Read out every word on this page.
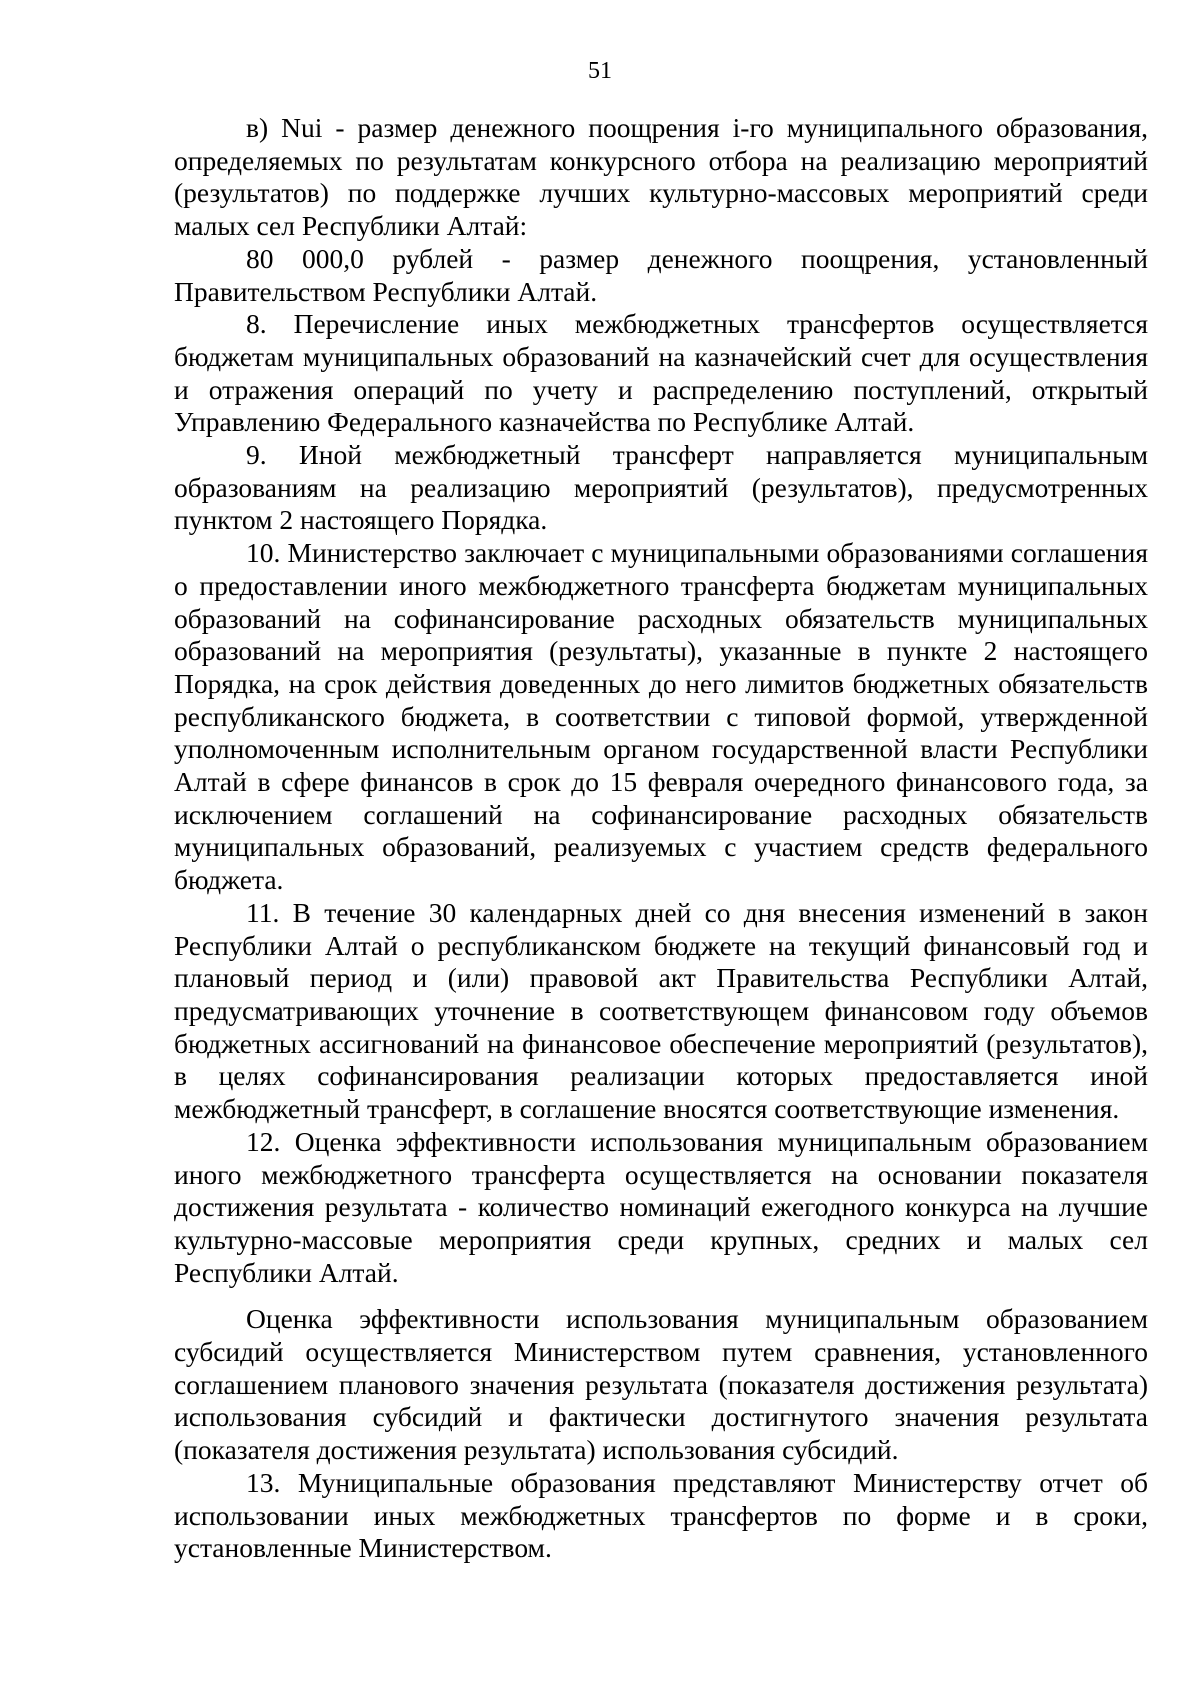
51

в) Nui - размер денежного поощрения i-го муниципального образования, определяемых по результатам конкурсного отбора на реализацию мероприятий (результатов) по поддержке лучших культурно-массовых мероприятий среди малых сел Республики Алтай:

80 000,0 рублей - размер денежного поощрения, установленный Правительством Республики Алтай.

8. Перечисление иных межбюджетных трансфертов осуществляется бюджетам муниципальных образований на казначейский счет для осуществления и отражения операций по учету и распределению поступлений, открытый Управлению Федерального казначейства по Республике Алтай.

9. Иной межбюджетный трансферт направляется муниципальным образованиям на реализацию мероприятий (результатов), предусмотренных пунктом 2 настоящего Порядка.

10. Министерство заключает с муниципальными образованиями соглашения о предоставлении иного межбюджетного трансферта бюджетам муниципальных образований на софинансирование расходных обязательств муниципальных образований на мероприятия (результаты), указанные в пункте 2 настоящего Порядка, на срок действия доведенных до него лимитов бюджетных обязательств республиканского бюджета, в соответствии с типовой формой, утвержденной уполномоченным исполнительным органом государственной власти Республики Алтай в сфере финансов в срок до 15 февраля очередного финансового года, за исключением соглашений на софинансирование расходных обязательств муниципальных образований, реализуемых с участием средств федерального бюджета.

11. В течение 30 календарных дней со дня внесения изменений в закон Республики Алтай о республиканском бюджете на текущий финансовый год и плановый период и (или) правовой акт Правительства Республики Алтай, предусматривающих уточнение в соответствующем финансовом году объемов бюджетных ассигнований на финансовое обеспечение мероприятий (результатов), в целях софинансирования реализации которых предоставляется иной межбюджетный трансферт, в соглашение вносятся соответствующие изменения.

12. Оценка эффективности использования муниципальным образованием иного межбюджетного трансферта осуществляется на основании показателя достижения результата - количество номинаций ежегодного конкурса на лучшие культурно-массовые мероприятия среди крупных, средних и малых сел Республики Алтай.

Оценка эффективности использования муниципальным образованием субсидий осуществляется Министерством путем сравнения, установленного соглашением планового значения результата (показателя достижения результата) использования субсидий и фактически достигнутого значения результата (показателя достижения результата) использования субсидий.

13. Муниципальные образования представляют Министерству отчет об использовании иных межбюджетных трансфертов по форме и в сроки, установленные Министерством.
